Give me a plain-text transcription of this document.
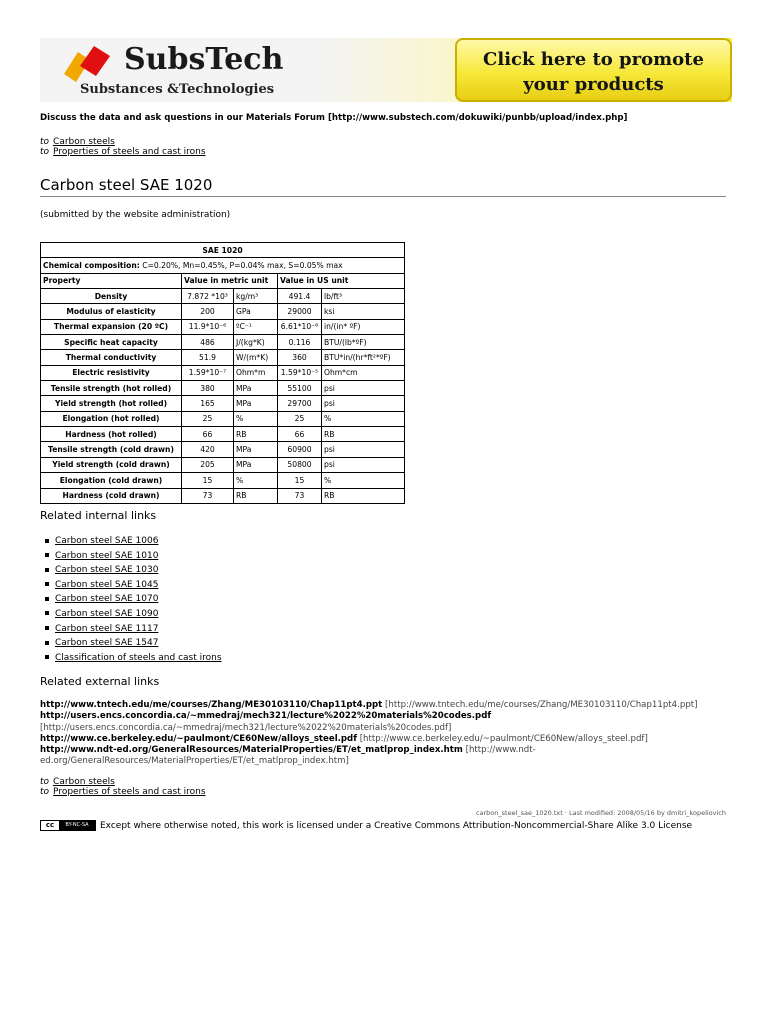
SubsTech
Substances &Technologies
Click here to promote
your products
Discuss the data and ask questions in our Materials Forum [http://www.substech.com/dokuwiki/punbb/upload/index.php]
to Carbon steels
to Properties of steels and cast irons
Carbon steel SAE 1020
(submitted by the website administration)
SAE 1020				
Chemical composition: C=0.20%, Mn=0.45%, P=0.04% max, S=0.05% max				
Property	Value in metric unit		Value in US unit	
Density	7.872 *10³	kg/m³	491.4	lb/ft³
Modulus of elasticity	200	GPa	29000	ksi
Thermal expansion (20 ºC)	11.9*10⁻⁶	ºC⁻¹	6.61*10⁻⁶	in/(in* ºF)
Specific heat capacity	486	J/(kg*K)	0.116	BTU/(lb*ºF)
Thermal conductivity	51.9	W/(m*K)	360	BTU*in/(hr*ft²*ºF)
Electric resistivity	1.59*10⁻⁷	Ohm*m	1.59*10⁻⁵	Ohm*cm
Tensile strength (hot rolled)	380	MPa	55100	psi
Yield strength (hot rolled)	165	MPa	29700	psi
Elongation (hot rolled)	25	%	25	%
Hardness (hot rolled)	66	RB	66	RB
Tensile strength (cold drawn)	420	MPa	60900	psi
Yield strength (cold drawn)	205	MPa	50800	psi
Elongation (cold drawn)	15	%	15	%
Hardness (cold drawn)	73	RB	73	RB
Related internal links
Carbon steel SAE 1006
Carbon steel SAE 1010
Carbon steel SAE 1030
Carbon steel SAE 1045
Carbon steel SAE 1070
Carbon steel SAE 1090
Carbon steel SAE 1117
Carbon steel SAE 1547
Classification of steels and cast irons
Related external links
http://www.tntech.edu/me/courses/Zhang/ME30103110/Chap11pt4.ppt [http://www.tntech.edu/me/courses/Zhang/ME30103110/Chap11pt4.ppt]
http://users.encs.concordia.ca/~mmedraj/mech321/lecture%2022%20materials%20codes.pdf [http://users.encs.concordia.ca/~mmedraj/mech321/lecture%2022%20materials%20codes.pdf]
http://www.ce.berkeley.edu/~paulmont/CE60New/alloys_steel.pdf [http://www.ce.berkeley.edu/~paulmont/CE60New/alloys_steel.pdf]
http://www.ndt-ed.org/GeneralResources/MaterialProperties/ET/et_matlprop_index.htm [http://www.ndt-ed.org/GeneralResources/MaterialProperties/ET/et_matlprop_index.htm]
to Carbon steels
to Properties of steels and cast irons
carbon_steel_sae_1020.txt · Last modified: 2008/05/16 by dmitri_kopeliovich
cc	BY-NC-SA	Except where otherwise noted, this work is licensed under a Creative Commons Attribution-Noncommercial-Share Alike 3.0 License
